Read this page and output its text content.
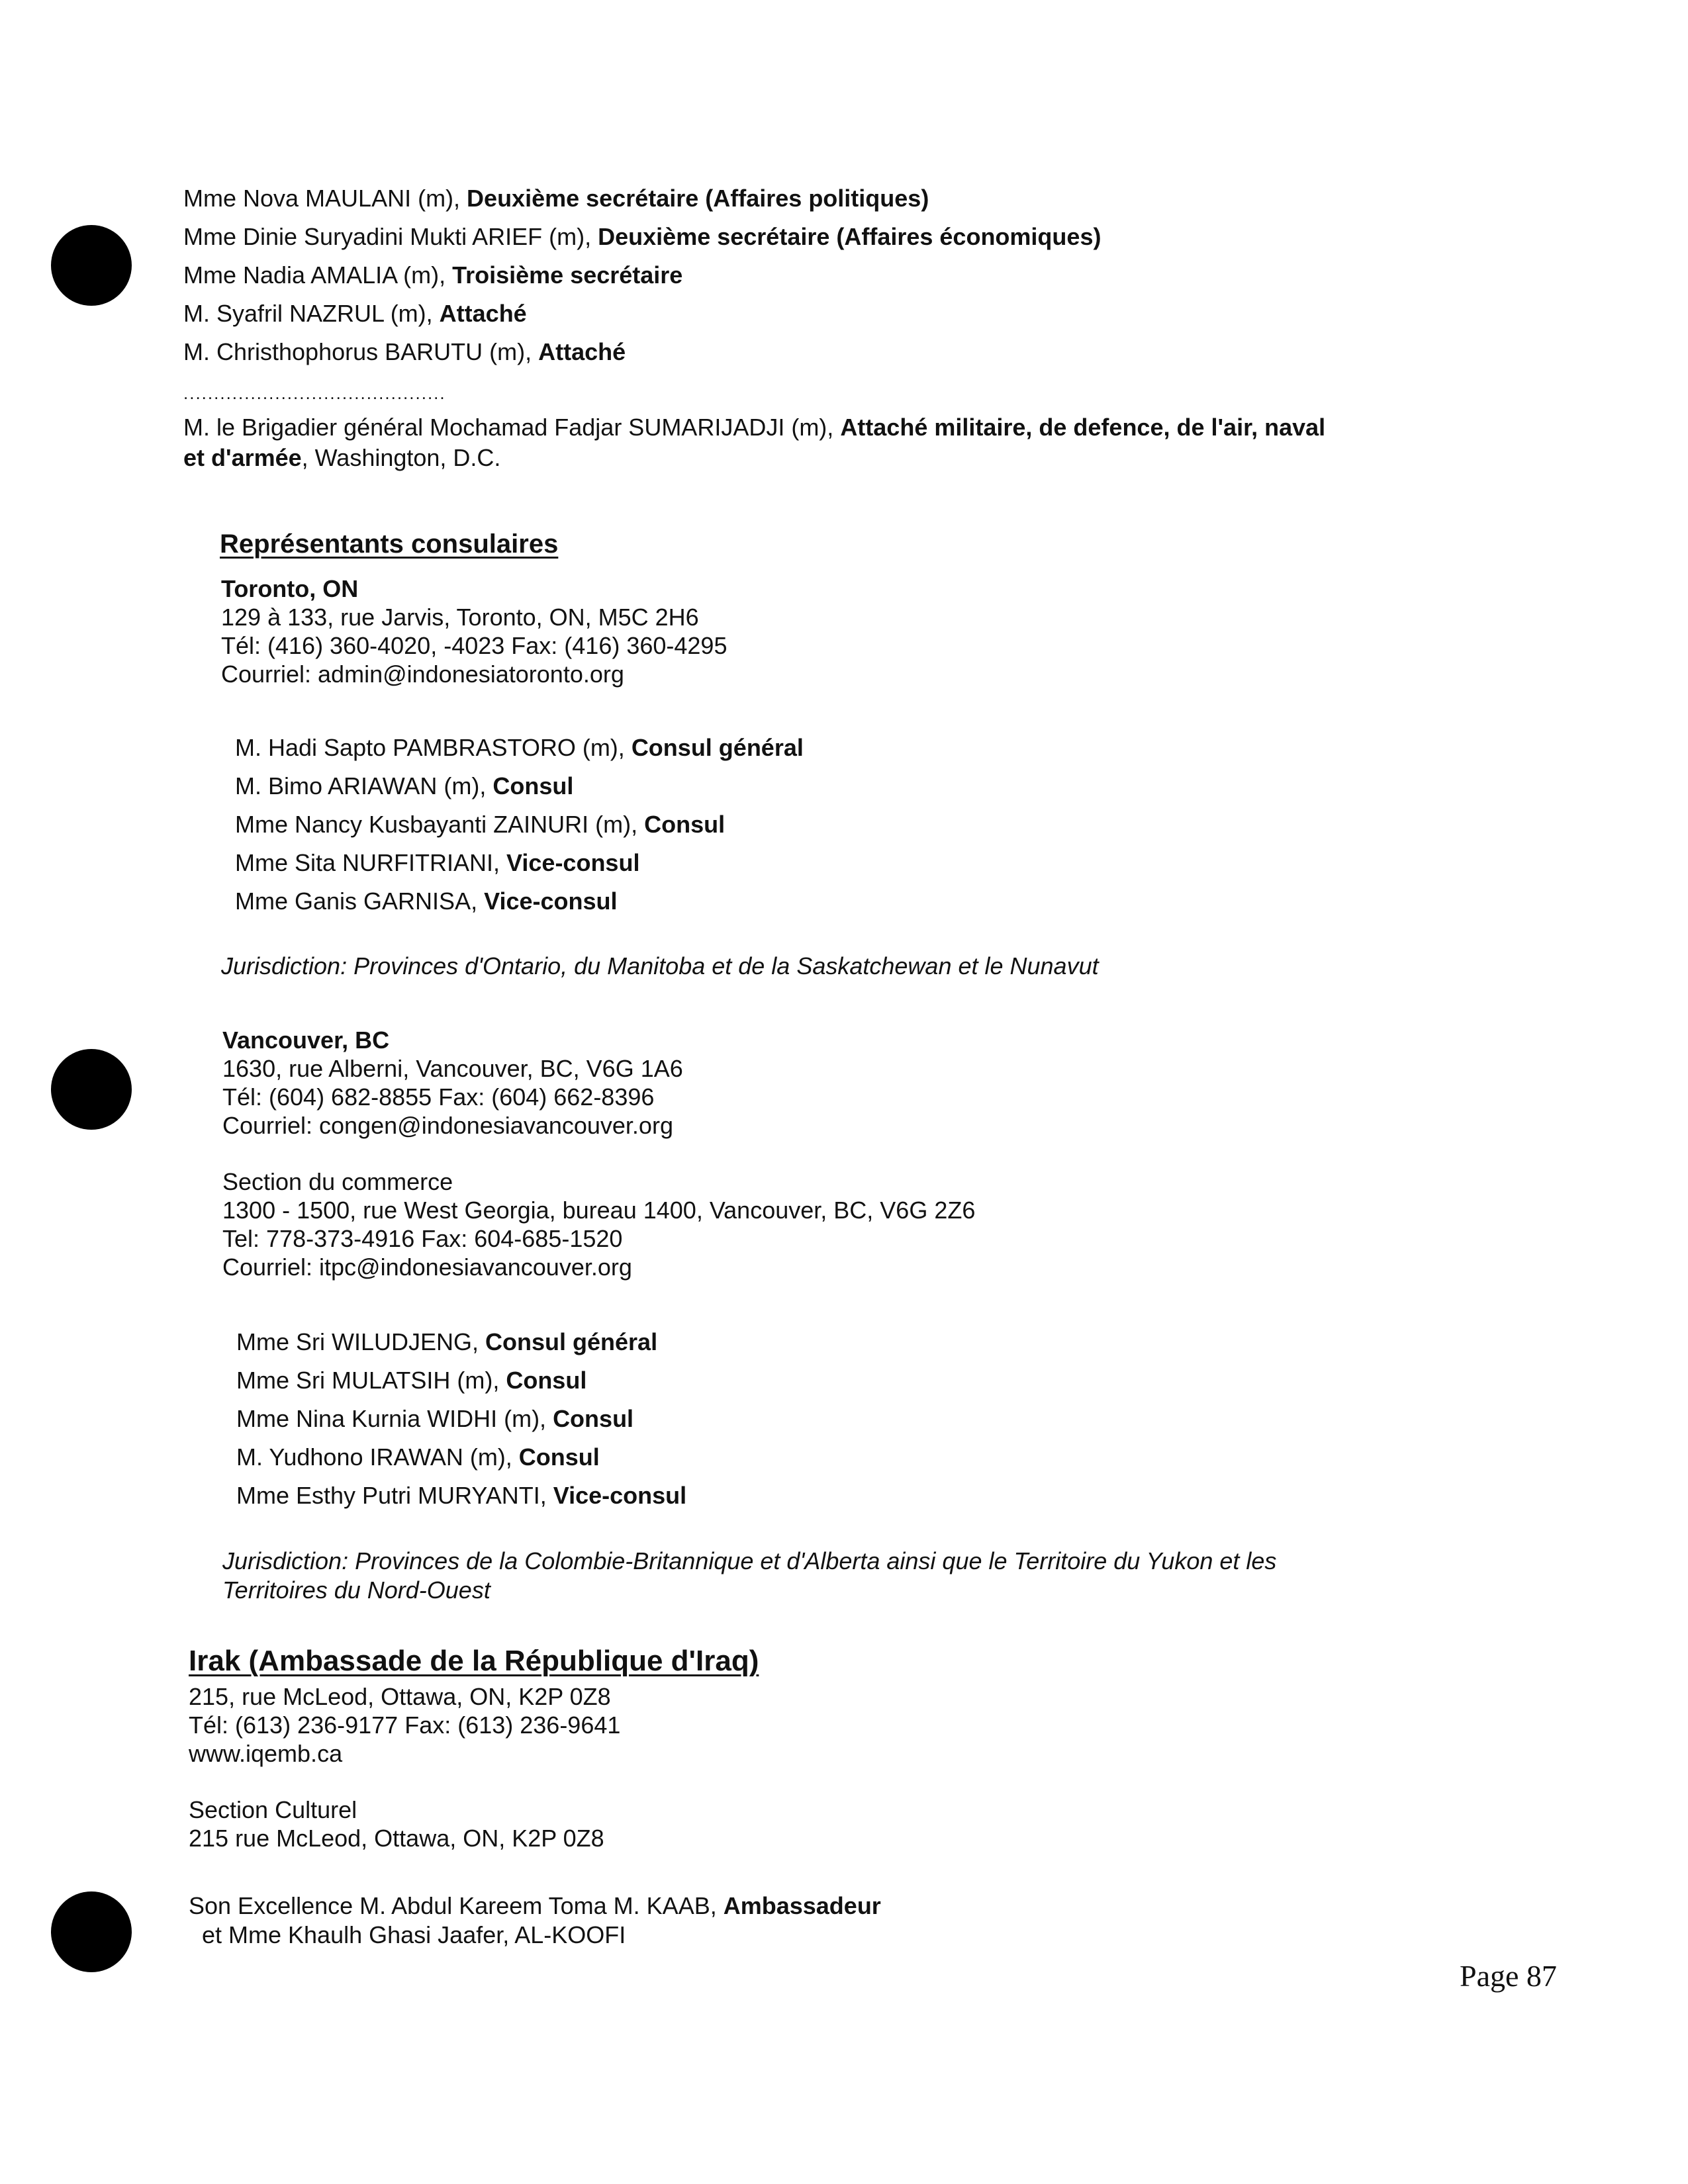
Mme Nova MAULANI (m), Deuxième secrétaire (Affaires politiques)
Mme Dinie Suryadini Mukti ARIEF (m), Deuxième secrétaire (Affaires économiques)
Mme Nadia AMALIA (m), Troisième secrétaire
M. Syafril NAZRUL (m), Attaché
M. Christhophorus BARUTU (m), Attaché
...........................................
M. le Brigadier général Mochamad Fadjar SUMARIJADJI (m), Attaché militaire, de defence, de l'air, naval
et d'armée, Washington, D.C.
Représentants consulaires
Toronto, ON
129 à 133, rue Jarvis, Toronto, ON, M5C 2H6
Tél: (416) 360-4020, -4023 Fax: (416) 360-4295
Courriel: admin@indonesiatoronto.org
M. Hadi Sapto PAMBRASTORO (m), Consul général
M. Bimo ARIAWAN (m), Consul
Mme Nancy Kusbayanti ZAINURI (m), Consul
Mme Sita NURFITRIANI, Vice-consul
Mme Ganis GARNISA, Vice-consul
Jurisdiction: Provinces d'Ontario, du Manitoba et de la Saskatchewan et le Nunavut
Vancouver, BC
1630, rue Alberni, Vancouver, BC, V6G 1A6
Tél: (604) 682-8855 Fax: (604) 662-8396
Courriel: congen@indonesiavancouver.org
Section du commerce
1300 - 1500, rue West Georgia, bureau 1400, Vancouver, BC, V6G 2Z6
Tel: 778-373-4916 Fax: 604-685-1520
Courriel: itpc@indonesiavancouver.org
Mme Sri WILUDJENG, Consul général
Mme Sri MULATSIH (m), Consul
Mme Nina Kurnia WIDHI (m), Consul
M. Yudhono IRAWAN (m), Consul
Mme Esthy Putri MURYANTI, Vice-consul
Jurisdiction: Provinces de la Colombie-Britannique et d'Alberta ainsi que le Territoire du Yukon et les
Territoires du Nord-Ouest
Irak (Ambassade de la République d'Iraq)
215, rue McLeod, Ottawa, ON, K2P 0Z8
Tél: (613) 236-9177 Fax: (613) 236-9641
www.iqemb.ca
Section Culturel
215 rue McLeod, Ottawa, ON, K2P 0Z8
Son Excellence M. Abdul Kareem Toma M. KAAB, Ambassadeur
et Mme Khaulh Ghasi Jaafer, AL-KOOFI
Page 87
